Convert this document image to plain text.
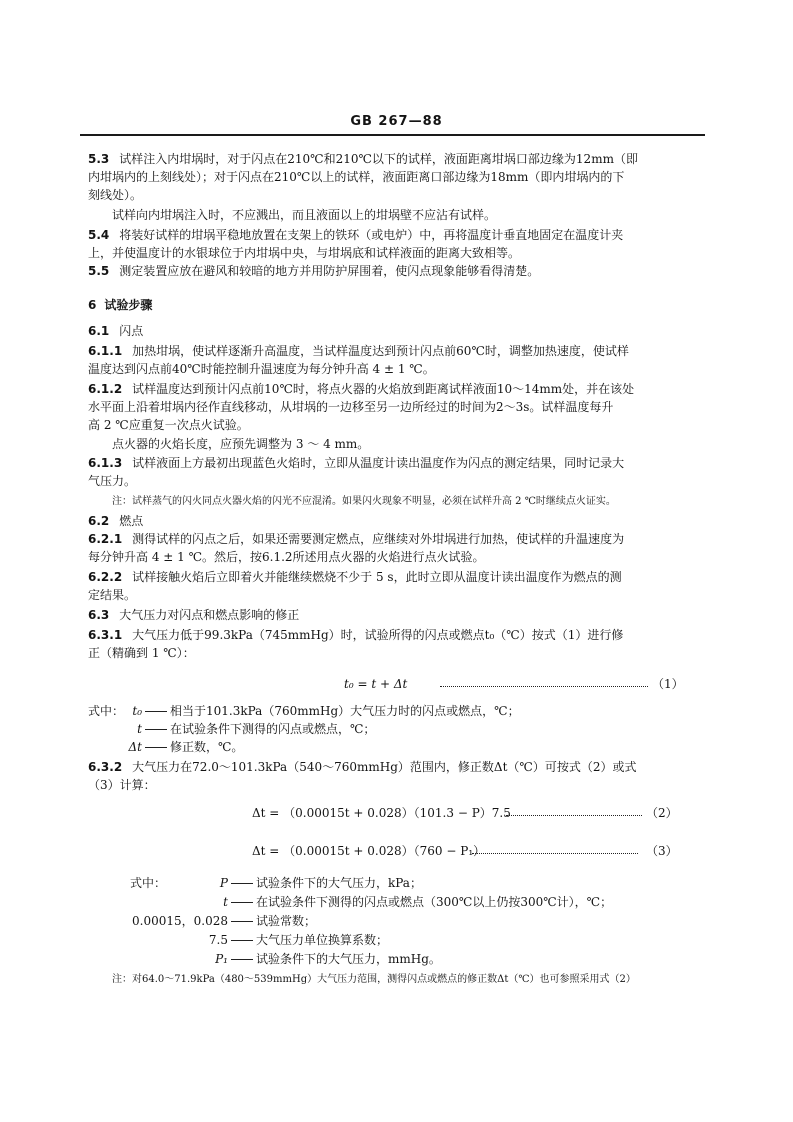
GB 267—88
5.3 试样注入内坩埚时，对于闪点在210℃和210℃以下的试样，液面距离坩埚口部边缘为12mm（即
内坩埚内的上刻线处）；对于闪点在210℃以上的试样，液面距离口部边缘为18mm（即内坩埚内的下
刻线处）。
试样向内坩埚注入时，不应溅出，而且液面以上的坩埚壁不应沾有试样。
5.4 将装好试样的坩埚平稳地放置在支架上的铁环（或电炉）中，再将温度计垂直地固定在温度计夹
上，并使温度计的水银球位于内坩埚中央，与坩埚底和试样液面的距离大致相等。
5.5 测定装置应放在避风和较暗的地方并用防护屏围着，使闪点现象能够看得清楚。
6 试验步骤
6.1 闪点
6.1.1 加热坩埚，使试样逐渐升高温度，当试样温度达到预计闪点前60℃时，调整加热速度，使试样
温度达到闪点前40℃时能控制升温速度为每分钟升高 4 ± 1 ℃。
6.1.2 试样温度达到预计闪点前10℃时，将点火器的火焰放到距离试样液面10～14mm处，并在该处
水平面上沿着坩埚内径作直线移动，从坩埚的一边移至另一边所经过的时间为2～3s。试样温度每升
高 2 ℃应重复一次点火试验。
点火器的火焰长度，应预先调整为 3 ～ 4 mm。
6.1.3 试样液面上方最初出现蓝色火焰时，立即从温度计读出温度作为闪点的测定结果，同时记录大
气压力。
注：试样蒸气的闪火同点火器火焰的闪光不应混淆。如果闪火现象不明显，必须在试样升高 2 ℃时继续点火证实。
6.2 燃点
6.2.1 测得试样的闪点之后，如果还需要测定燃点，应继续对外坩埚进行加热，使试样的升温速度为
每分钟升高 4 ± 1 ℃。然后，按6.1.2所述用点火器的火焰进行点火试验。
6.2.2 试样接触火焰后立即着火并能继续燃烧不少于 5 s，此时立即从温度计读出温度作为燃点的测
定结果。
6.3 大气压力对闪点和燃点影响的修正
6.3.1 大气压力低于99.3kPa（745mmHg）时，试验所得的闪点或燃点t₀（℃）按式（1）进行修
正（精确到 1 ℃）：
t₀ = t + Δt	（1）
式中： t₀ 相当于101.3kPa（760mmHg）大气压力时的闪点或燃点，℃；
t 在试验条件下测得的闪点或燃点，℃；
Δt 修正数，℃。
6.3.2 大气压力在72.0～101.3kPa（540～760mmHg）范围内，修正数Δt（℃）可按式（2）或式
（3）计算：
Δt = （0.00015t + 0.028）（101.3 − P）7.5	（2）
Δt = （0.00015t + 0.028）（760 − P₁）	（3）
式中：	P 试验条件下的大气压力，kPa；
t 在试验条件下测得的闪点或燃点（300℃以上仍按300℃计），℃；
0.00015，0.028 试验常数；
7.5 大气压力单位换算系数；
P₁ 试验条件下的大气压力，mmHg。
注：对64.0～71.9kPa（480～539mmHg）大气压力范围，测得闪点或燃点的修正数Δt（℃）也可参照采用式（2）
